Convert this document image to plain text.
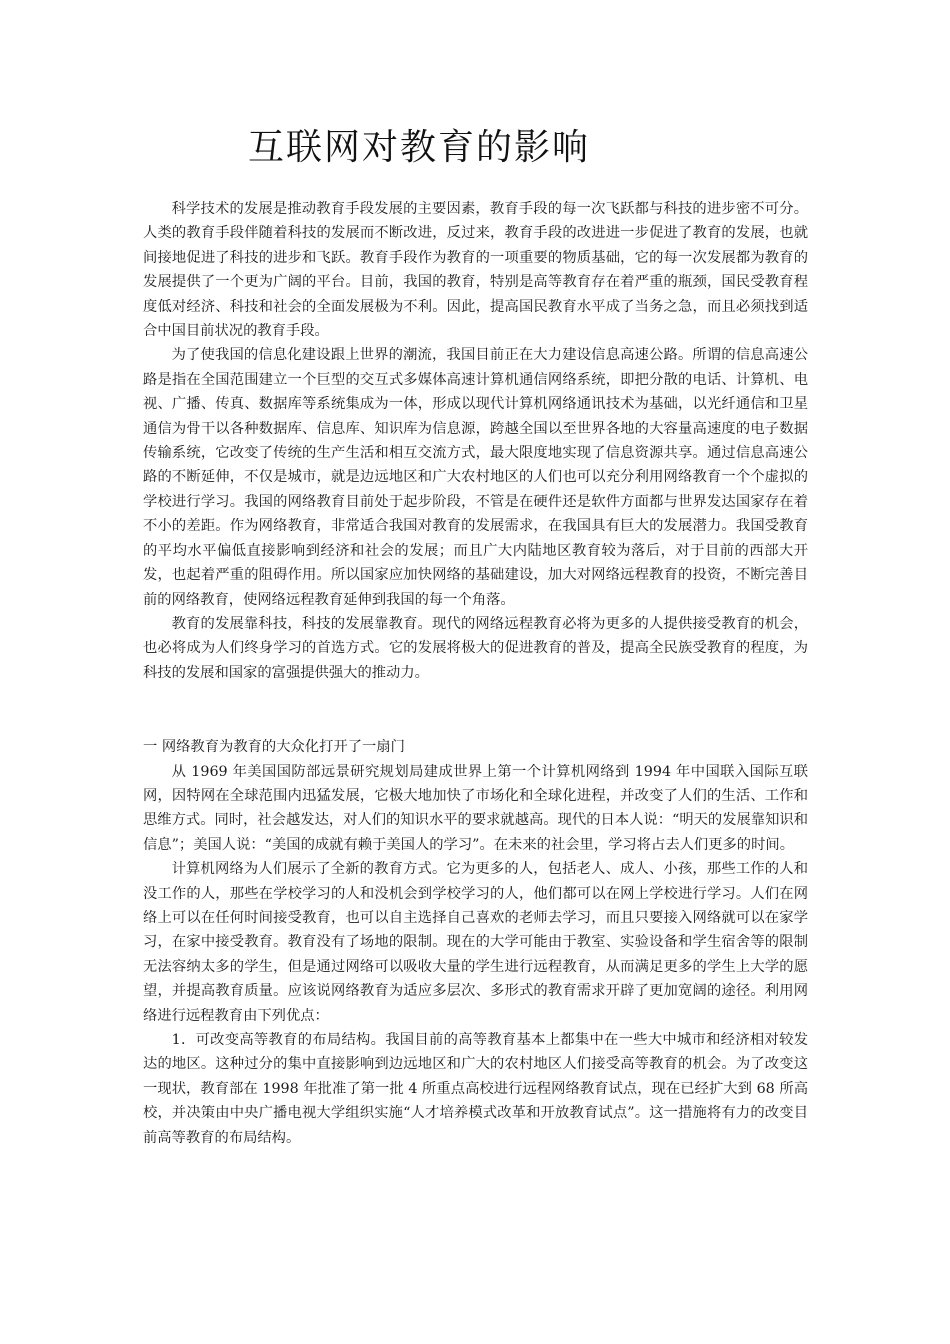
互联网对教育的影响

科学技术的发展是推动教育手段发展的主要因素，教育手段的每一次飞跃都与科技的进步密不可分。人类的教育手段伴随着科技的发展而不断改进，反过来，教育手段的改进进一步促进了教育的发展，也就间接地促进了科技的进步和飞跃。教育手段作为教育的一项重要的物质基础，它的每一次发展都为教育的发展提供了一个更为广阔的平台。目前，我国的教育，特别是高等教育存在着严重的瓶颈，国民受教育程度低对经济、科技和社会的全面发展极为不利。因此，提高国民教育水平成了当务之急，而且必须找到适合中国目前状况的教育手段。

为了使我国的信息化建设跟上世界的潮流，我国目前正在大力建设信息高速公路。所谓的信息高速公路是指在全国范围建立一个巨型的交互式多媒体高速计算机通信网络系统，即把分散的电话、计算机、电视、广播、传真、数据库等系统集成为一体，形成以现代计算机网络通讯技术为基础，以光纤通信和卫星通信为骨干以各种数据库、信息库、知识库为信息源，跨越全国以至世界各地的大容量高速度的电子数据传输系统，它改变了传统的生产生活和相互交流方式，最大限度地实现了信息资源共享。通过信息高速公路的不断延伸，不仅是城市，就是边远地区和广大农村地区的人们也可以充分利用网络教育一个个虚拟的学校进行学习。我国的网络教育目前处于起步阶段，不管是在硬件还是软件方面都与世界发达国家存在着不小的差距。作为网络教育，非常适合我国对教育的发展需求，在我国具有巨大的发展潜力。我国受教育的平均水平偏低直接影响到经济和社会的发展；而且广大内陆地区教育较为落后，对于目前的西部大开发，也起着严重的阻碍作用。所以国家应加快网络的基础建设，加大对网络远程教育的投资，不断完善目前的网络教育，使网络远程教育延伸到我国的每一个角落。

教育的发展靠科技，科技的发展靠教育。现代的网络远程教育必将为更多的人提供接受教育的机会，也必将成为人们终身学习的首选方式。它的发展将极大的促进教育的普及，提高全民族受教育的程度，为科技的发展和国家的富强提供强大的推动力。

一 网络教育为教育的大众化打开了一扇门

从 1969 年美国国防部远景研究规划局建成世界上第一个计算机网络到 1994 年中国联入国际互联网，因特网在全球范围内迅猛发展，它极大地加快了市场化和全球化进程，并改变了人们的生活、工作和思维方式。同时，社会越发达，对人们的知识水平的要求就越高。现代的日本人说：“明天的发展靠知识和信息”；美国人说：“美国的成就有赖于美国人的学习”。在未来的社会里，学习将占去人们更多的时间。

计算机网络为人们展示了全新的教育方式。它为更多的人，包括老人、成人、小孩，那些工作的人和没工作的人，那些在学校学习的人和没机会到学校学习的人，他们都可以在网上学校进行学习。人们在网络上可以在任何时间接受教育，也可以自主选择自己喜欢的老师去学习，而且只要接入网络就可以在家学习，在家中接受教育。教育没有了场地的限制。现在的大学可能由于教室、实验设备和学生宿舍等的限制无法容纳太多的学生，但是通过网络可以吸收大量的学生进行远程教育，从而满足更多的学生上大学的愿望，并提高教育质量。应该说网络教育为适应多层次、多形式的教育需求开辟了更加宽阔的途径。利用网络进行远程教育由下列优点：

1．可改变高等教育的布局结构。我国目前的高等教育基本上都集中在一些大中城市和经济相对较发达的地区。这种过分的集中直接影响到边远地区和广大的农村地区人们接受高等教育的机会。为了改变这一现状，教育部在 1998 年批准了第一批 4 所重点高校进行远程网络教育试点，现在已经扩大到 68 所高校，并决策由中央广播电视大学组织实施“人才培养模式改革和开放教育试点”。这一措施将有力的改变目前高等教育的布局结构。
